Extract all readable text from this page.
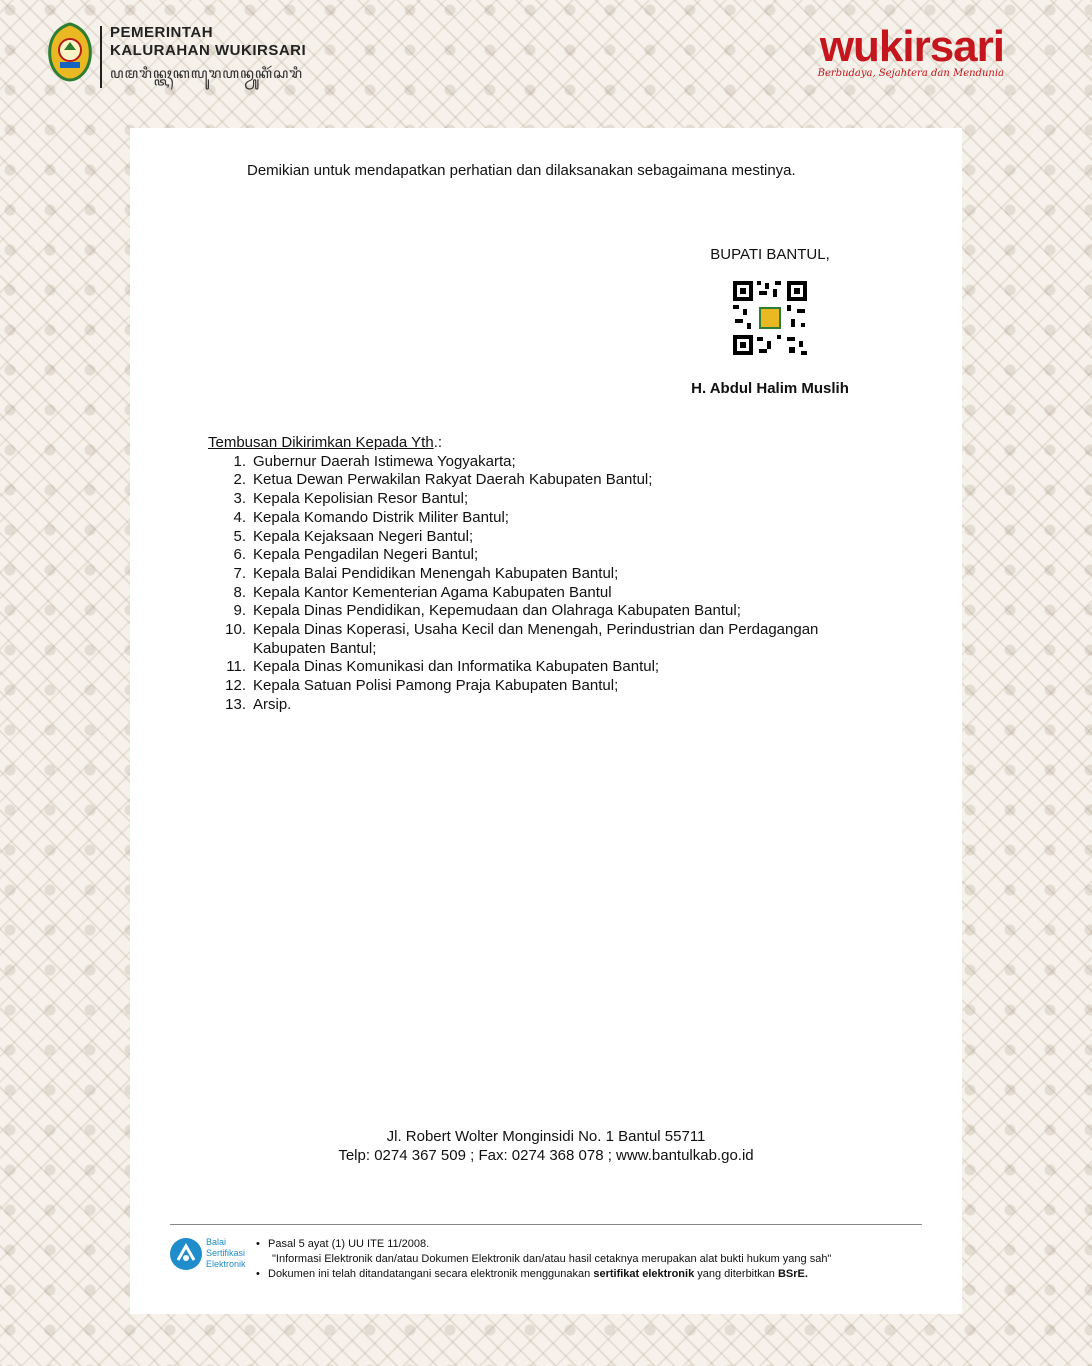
PEMERINTAH
KALURAHAN WUKIRSARI
ꦥꦩꦫꦶꦤ꧀ꦠꦃꦏꦭꦸꦫꦲꦤ꧀ꦮꦸꦏꦶꦂꦱꦫꦶ
wukirsari
Berbudaya, Sejahtera dan Mendunia
Demikian untuk mendapatkan perhatian dan dilaksanakan sebagaimana mestinya.
BUPATI BANTUL,
H. Abdul Halim Muslih
Tembusan Dikirimkan Kepada Yth.:
1. Gubernur Daerah Istimewa Yogyakarta;
2. Ketua Dewan Perwakilan Rakyat Daerah Kabupaten Bantul;
3. Kepala Kepolisian Resor Bantul;
4. Kepala Komando Distrik Militer Bantul;
5. Kepala Kejaksaan Negeri Bantul;
6. Kepala Pengadilan Negeri Bantul;
7. Kepala Balai Pendidikan Menengah Kabupaten Bantul;
8. Kepala Kantor Kementerian Agama Kabupaten Bantul
9. Kepala Dinas Pendidikan, Kepemudaan dan Olahraga Kabupaten Bantul;
10. Kepala Dinas Koperasi, Usaha Kecil dan Menengah, Perindustrian dan Perdagangan Kabupaten Bantul;
11. Kepala Dinas Komunikasi dan Informatika Kabupaten Bantul;
12. Kepala Satuan Polisi Pamong Praja Kabupaten Bantul;
13. Arsip.
Jl. Robert Wolter Monginsidi No. 1 Bantul 55711
Telp: 0274 367 509 ; Fax: 0274 368 078 ; www.bantulkab.go.id
Balai
Sertifikasi
Elektronik
• Pasal 5 ayat (1) UU ITE 11/2008.
"Informasi Elektronik dan/atau Dokumen Elektronik dan/atau hasil cetaknya merupakan alat bukti hukum yang sah"
• Dokumen ini telah ditandatangani secara elektronik menggunakan sertifikat elektronik yang diterbitkan BSrE.
